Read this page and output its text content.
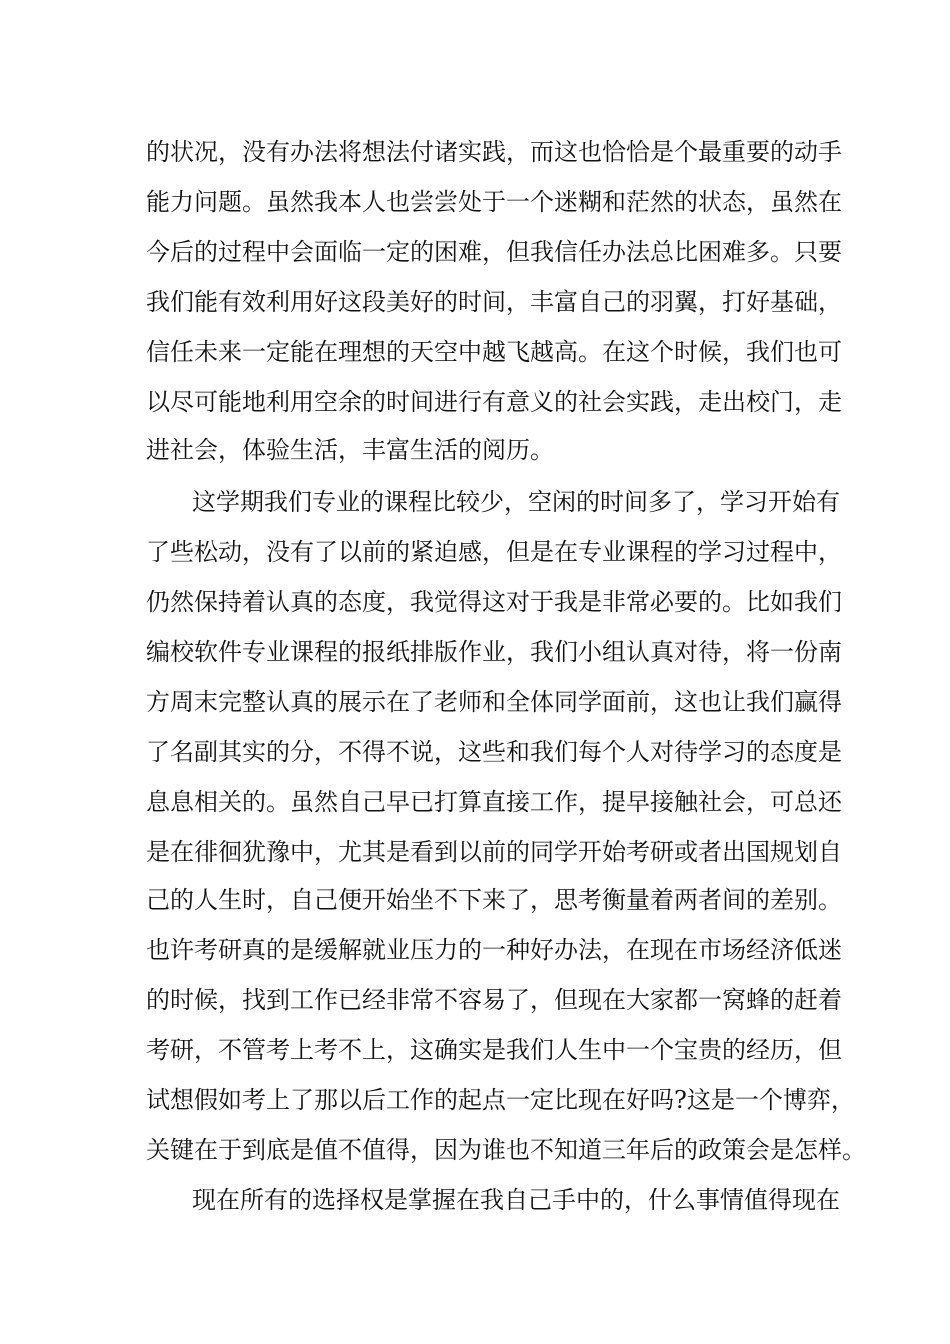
的状况，没有办法将想法付诸实践，而这也恰恰是个最重要的动手
能力问题。虽然我本人也尝尝处于一个迷糊和茫然的状态，虽然在
今后的过程中会面临一定的困难，但我信任办法总比困难多。只要
我们能有效利用好这段美好的时间，丰富自己的羽翼，打好基础，
信任未来一定能在理想的天空中越飞越高。在这个时候，我们也可
以尽可能地利用空余的时间进行有意义的社会实践，走出校门，走
进社会，体验生活，丰富生活的阅历。
这学期我们专业的课程比较少，空闲的时间多了，学习开始有
了些松动，没有了以前的紧迫感，但是在专业课程的学习过程中，
仍然保持着认真的态度，我觉得这对于我是非常必要的。比如我们
编校软件专业课程的报纸排版作业，我们小组认真对待，将一份南
方周末完整认真的展示在了老师和全体同学面前，这也让我们赢得
了名副其实的分，不得不说，这些和我们每个人对待学习的态度是
息息相关的。虽然自己早已打算直接工作，提早接触社会，可总还
是在徘徊犹豫中，尤其是看到以前的同学开始考研或者出国规划自
己的人生时，自己便开始坐不下来了，思考衡量着两者间的差别。
也许考研真的是缓解就业压力的一种好办法，在现在市场经济低迷
的时候，找到工作已经非常不容易了，但现在大家都一窝蜂的赶着
考研，不管考上考不上，这确实是我们人生中一个宝贵的经历，但
试想假如考上了那以后工作的起点一定比现在好吗?这是一个博弈，
关键在于到底是值不值得，因为谁也不知道三年后的政策会是怎样。
现在所有的选择权是掌握在我自己手中的，什么事情值得现在
